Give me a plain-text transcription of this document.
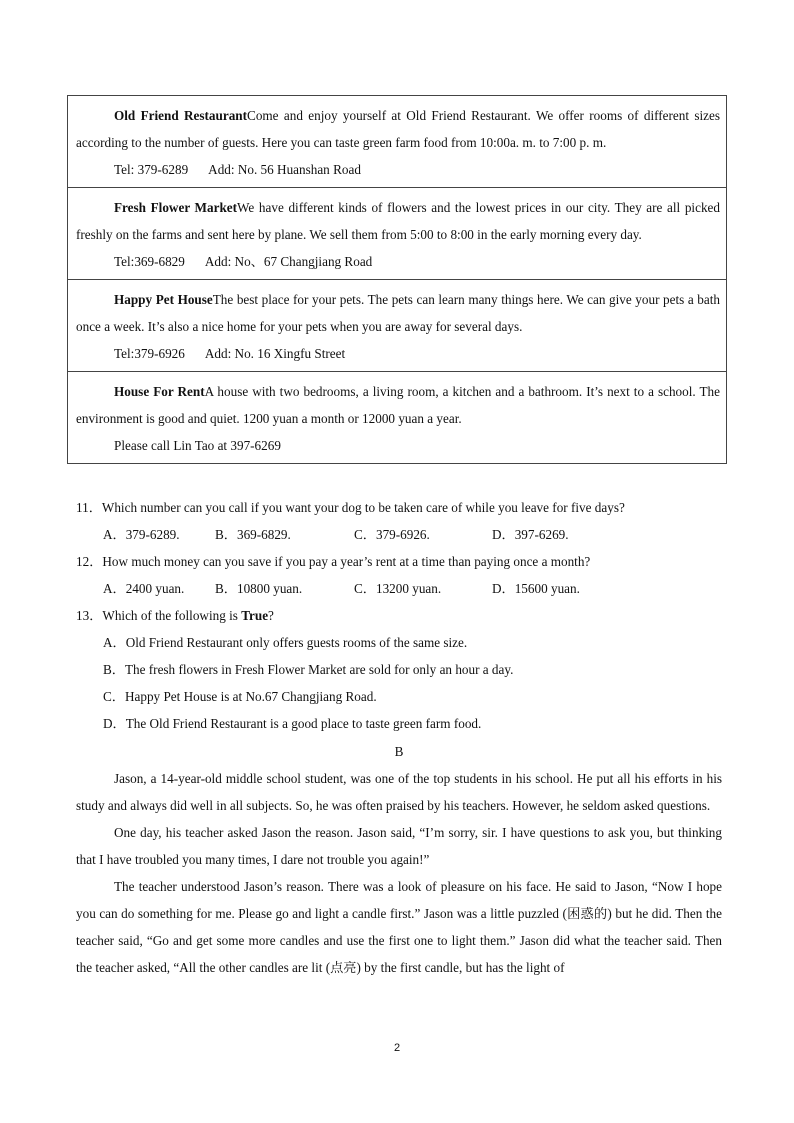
Old Friend RestaurantCome and enjoy yourself at Old Friend Restaurant. We offer rooms of different sizes according to the number of guests. Here you can taste green farm food from 10:00a. m. to 7:00 p. m.

Tel: 379-6289 Add: No. 56 Huanshan Road

Fresh Flower MarketWe have different kinds of flowers and the lowest prices in our city. They are all picked freshly on the farms and sent here by plane. We sell them from 5:00 to 8:00 in the early morning every day.

Tel:369-6829 Add: No、67 Changjiang Road

Happy Pet HouseThe best place for your pets. The pets can learn many things here. We can give your pets a bath once a week. It’s also a nice home for your pets when you are away for several days.

Tel:379-6926 Add: No. 16 Xingfu Street

House For RentA house with two bedrooms, a living room, a kitchen and a bathroom. It’s next to a school. The environment is good and quiet. 1200 yuan a month or 12000 yuan a year.

Please call Lin Tao at 397-6269

11．Which number can you call if you want your dog to be taken care of while you leave for five days?

A．379-6289.	B．369-6829.	C．379-6926.	D．397-6269.

12．How much money can you save if you pay a year’s rent at a time than paying once a month?

A．2400 yuan. B．10800 yuan.	C．13200 yuan.	D．15600 yuan.

13．Which of the following is True?

A．Old Friend Restaurant only offers guests rooms of the same size.

B．The fresh flowers in Fresh Flower Market are sold for only an hour a day.

C．Happy Pet House is at No.67 Changjiang Road.

D．The Old Friend Restaurant is a good place to taste green farm food.

B

Jason, a 14-year-old middle school student, was one of the top students in his school. He put all his efforts in his study and always did well in all subjects. So, he was often praised by his teachers. However, he seldom asked questions.

One day, his teacher asked Jason the reason. Jason said, “I’m sorry, sir. I have questions to ask you, but thinking that I have troubled you many times, I dare not trouble you again!”

The teacher understood Jason’s reason. There was a look of pleasure on his face. He said to Jason, “Now I hope you can do something for me. Please go and light a candle first.” Jason was a little puzzled (困惑的) but he did. Then the teacher said, “Go and get some more candles and use the first one to light them.” Jason did what the teacher said. Then the teacher asked, “All the other candles are lit (点亮) by the first candle, but has the light of

2
